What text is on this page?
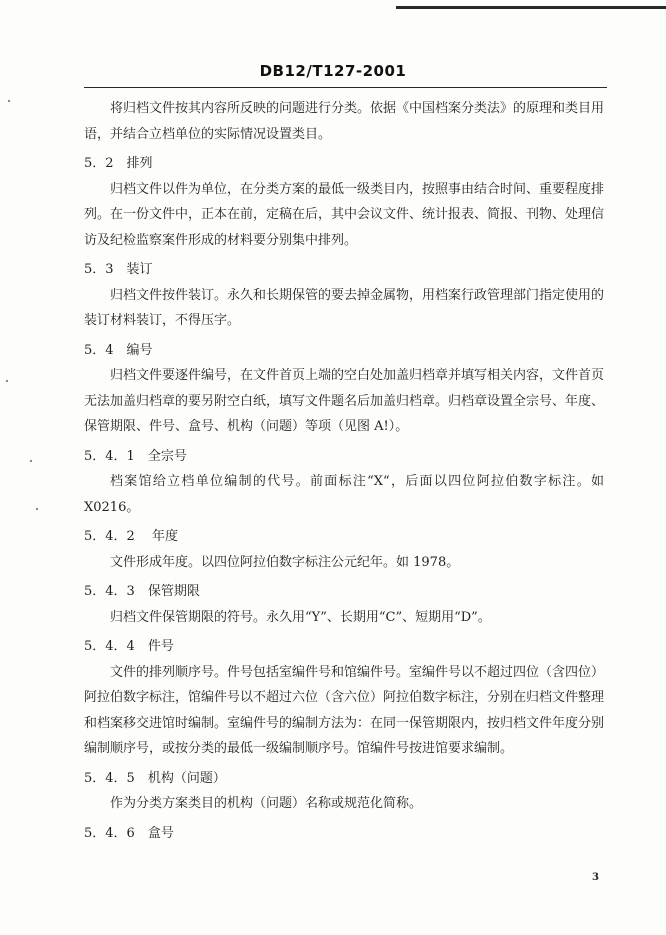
DB12/T127-2001

将归档文件按其内容所反映的问题进行分类。依据《中国档案分类法》的原理和类目用语，并结合立档单位的实际情况设置类目。

5．2　排列

归档文件以件为单位，在分类方案的最低一级类目内，按照事由结合时间、重要程度排列。在一份文件中，正本在前，定稿在后，其中会议文件、统计报表、简报、刊物、处理信访及纪检监察案件形成的材料要分别集中排列。

5．3　装订

归档文件按件装订。永久和长期保管的要去掉金属物，用档案行政管理部门指定使用的装订材料装订，不得压字。

5．4　编号

归档文件要逐件编号，在文件首页上端的空白处加盖归档章并填写相关内容，文件首页无法加盖归档章的要另附空白纸，填写文件题名后加盖归档章。归档章设置全宗号、年度、保管期限、件号、盒号、机构（问题）等项（见图 A!）。

5．4．1　全宗号

档案馆给立档单位编制的代号。前面标注“X“，后面以四位阿拉伯数字标注。如 X0216。

5．4．2　 年度

文件形成年度。以四位阿拉伯数字标注公元纪年。如 1978。

5．4．3　保管期限

归档文件保管期限的符号。永久用“Y”、长期用“C”、短期用“D”。

5．4．4　件号

文件的排列顺序号。件号包括室编件号和馆编件号。室编件号以不超过四位（含四位）阿拉伯数字标注，馆编件号以不超过六位（含六位）阿拉伯数字标注，分别在归档文件整理和档案移交进馆时编制。室编件号的编制方法为：在同一保管期限内，按归档文件年度分别编制顺序号，或按分类的最低一级编制顺序号。馆编件号按进馆要求编制。

5．4．5　机构（问题）

作为分类方案类目的机构（问题）名称或规范化简称。

5．4．6　盒号

3
